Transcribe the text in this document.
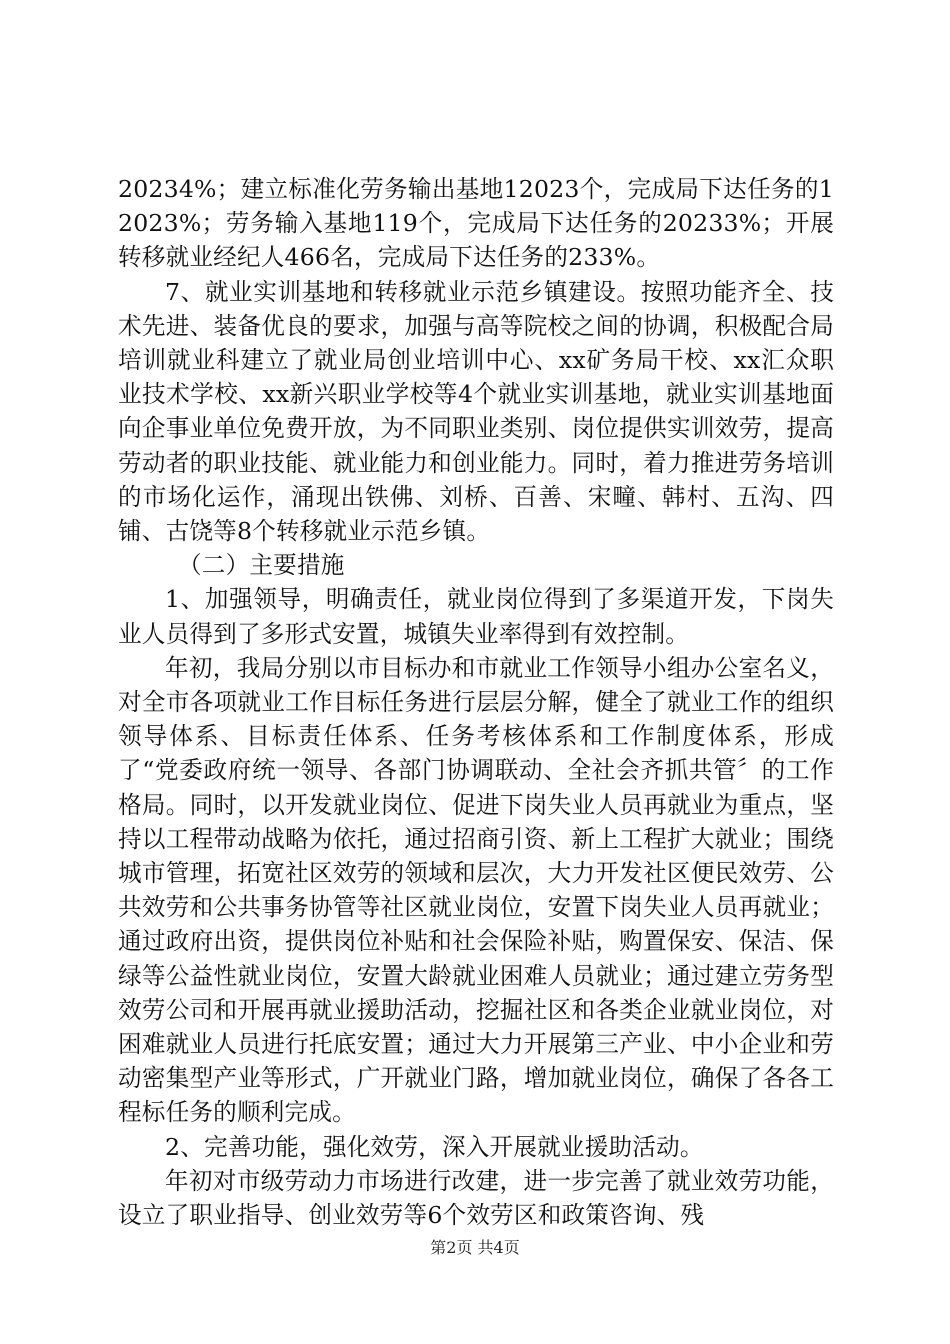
20234%；建立标准化劳务输出基地12023个，完成局下达任务的12023%；劳务输入基地119个，完成局下达任务的20233%；开展转移就业经纪人466名，完成局下达任务的233%。

7、就业实训基地和转移就业示范乡镇建设。按照功能齐全、技术先进、装备优良的要求，加强与高等院校之间的协调，积极配合局培训就业科建立了就业局创业培训中心、xx矿务局干校、xx汇众职业技术学校、xx新兴职业学校等4个就业实训基地，就业实训基地面向企事业单位免费开放，为不同职业类别、岗位提供实训效劳，提高劳动者的职业技能、就业能力和创业能力。同时，着力推进劳务培训的市场化运作，涌现出铁佛、刘桥、百善、宋疃、韩村、五沟、四铺、古饶等8个转移就业示范乡镇。

（二）主要措施

1、加强领导，明确责任，就业岗位得到了多渠道开发，下岗失业人员得到了多形式安置，城镇失业率得到有效控制。

年初，我局分别以市目标办和市就业工作领导小组办公室名义，对全市各项就业工作目标任务进行层层分解，健全了就业工作的组织领导体系、目标责任体系、任务考核体系和工作制度体系，形成了“党委政府统一领导、各部门协调联动、全社会齐抓共管〞的工作格局。同时，以开发就业岗位、促进下岗失业人员再就业为重点，坚持以工程带动战略为依托，通过招商引资、新上工程扩大就业；围绕城市管理，拓宽社区效劳的领域和层次，大力开发社区便民效劳、公共效劳和公共事务协管等社区就业岗位，安置下岗失业人员再就业；通过政府出资，提供岗位补贴和社会保险补贴，购置保安、保洁、保绿等公益性就业岗位，安置大龄就业困难人员就业；通过建立劳务型效劳公司和开展再就业援助活动，挖掘社区和各类企业就业岗位，对困难就业人员进行托底安置；通过大力开展第三产业、中小企业和劳动密集型产业等形式，广开就业门路，增加就业岗位，确保了各各工程标任务的顺利完成。

2、完善功能，强化效劳，深入开展就业援助活动。

年初对市级劳动力市场进行改建，进一步完善了就业效劳功能，设立了职业指导、创业效劳等6个效劳区和政策咨询、残

第2页 共4页
